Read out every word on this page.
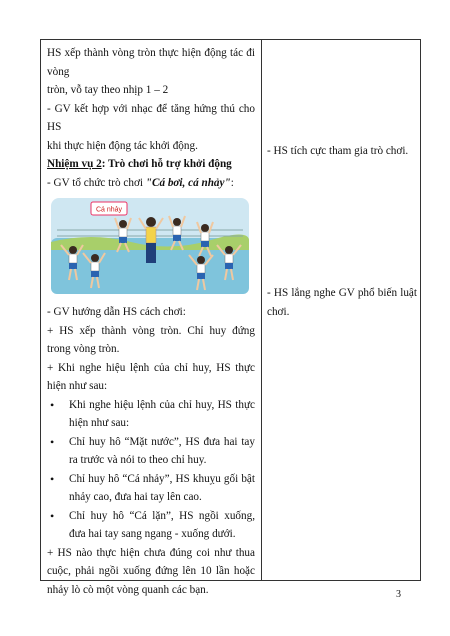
HS xếp thành vòng tròn thực hiện động tác đi vòng

tròn, vỗ tay theo nhịp 1 – 2

- GV kết hợp với nhạc để tăng hứng thú cho HS

khi thực hiện động tác khởi động.

Nhiệm vụ 2: Trò chơi hỗ trợ khởi động

- GV tổ chức trò chơi "Cá bơi, cá nhảy":

Cá nhảy

- GV hướng dẫn HS cách chơi:

+ HS xếp thành vòng tròn. Chỉ huy đứng trong vòng tròn.

+ Khi nghe hiệu lệnh của chỉ huy, HS thực hiện như sau:

• Khi nghe hiệu lệnh của chỉ huy, HS thực hiện như sau:
• Chỉ huy hô “Mặt nước”, HS đưa hai tay ra trước và nói to theo chỉ huy.
• Chỉ huy hô “Cá nhảy”, HS khuỵu gối bật nhảy cao, đưa hai tay lên cao.
• Chỉ huy hô “Cá lặn”, HS ngồi xuống, đưa hai tay sang ngang - xuống dưới.

+ HS nào thực hiện chưa đúng coi như thua cuộc, phải ngồi xuống đứng lên 10 lần hoặc nhảy lò cò một vòng quanh các bạn.

- HS tích cực tham gia trò chơi.

- HS lắng nghe GV phổ biến luật chơi.

3
